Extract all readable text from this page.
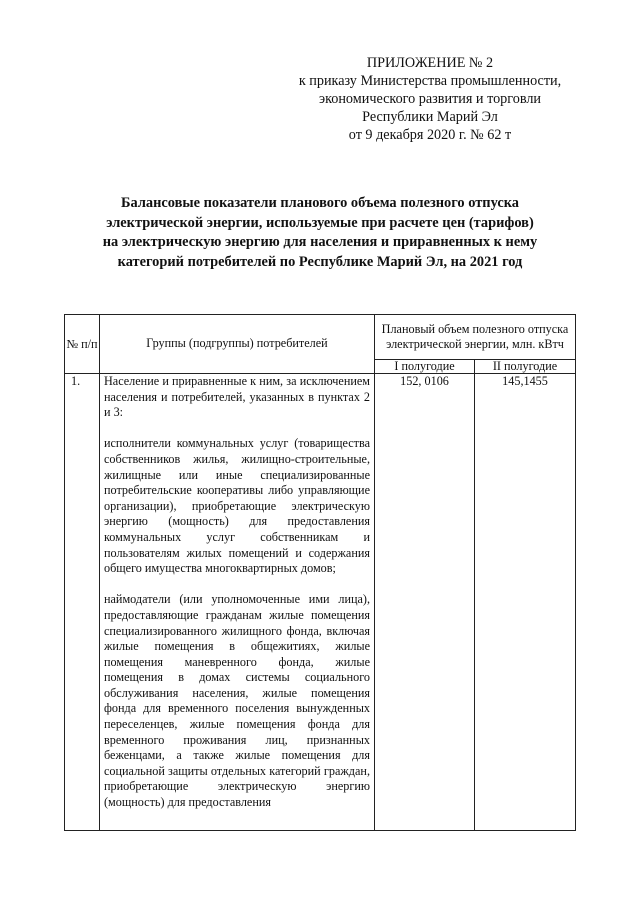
ПРИЛОЖЕНИЕ № 2
к приказу Министерства промышленности,
экономического развития и торговли
Республики Марий Эл
от 9 декабря 2020 г. № 62 т
Балансовые показатели планового объема полезного отпуска
электрической энергии, используемые при расчете цен (тарифов)
на электрическую энергию для населения и приравненных к нему
категорий потребителей по Республике Марий Эл, на 2021 год
№ п/п	Группы (подгруппы) потребителей	Плановый объем полезного отпуска электрической энергии, млн. кВтч	
		I полугодие	II полугодие
1.	Население и приравненные к ним, за исключением населения и потребителей, указанных в пунктах 2 и 3:

исполнители коммунальных услуг (товарищества собственников жилья, жилищно-строительные, жилищные или иные специализированные потребительские кооперативы либо управляющие организации), приобретающие электрическую энергию (мощность) для предоставления коммунальных услуг собственникам и пользователям жилых помещений и содержания общего имущества многоквартирных домов;

наймодатели (или уполномоченные ими лица), предоставляющие гражданам жилые помещения специализированного жилищного фонда, включая жилые помещения в общежитиях, жилые помещения маневренного фонда, жилые помещения в домах системы социального обслуживания населения, жилые помещения фонда для временного поселения вынужденных переселенцев, жилые помещения фонда для временного проживания лиц, признанных беженцами, а также жилые помещения для социальной защиты отдельных категорий граждан, приобретающие электрическую энергию (мощность) для предоставления	152, 0106	145,1455
